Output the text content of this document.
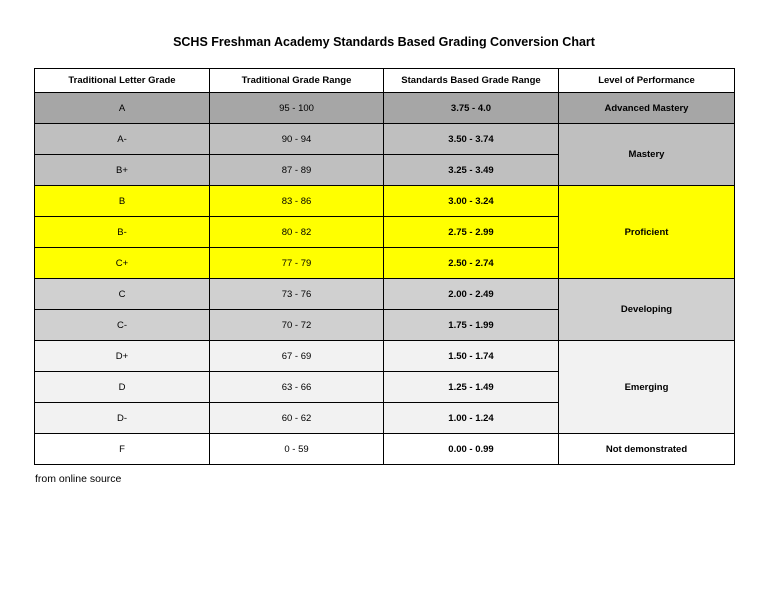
SCHS Freshman Academy Standards Based Grading Conversion Chart
Traditional Letter Grade	Traditional Grade Range	Standards Based Grade Range	Level of Performance
A	95 - 100	3.75 - 4.0	Advanced Mastery
A-	90 - 94	3.50 - 3.74	Mastery
B+	87 - 89	3.25 - 3.49	
B	83 - 86	3.00 - 3.24	Proficient
B-	80 - 82	2.75 - 2.99	
C+	77 - 79	2.50 - 2.74	
C	73 - 76	2.00 - 2.49	Developing
C-	70 - 72	1.75 - 1.99	
D+	67 - 69	1.50 - 1.74	Emerging
D	63 - 66	1.25 - 1.49	
D-	60 - 62	1.00 - 1.24	
F	0 - 59	0.00 - 0.99	Not demonstrated
from online source
